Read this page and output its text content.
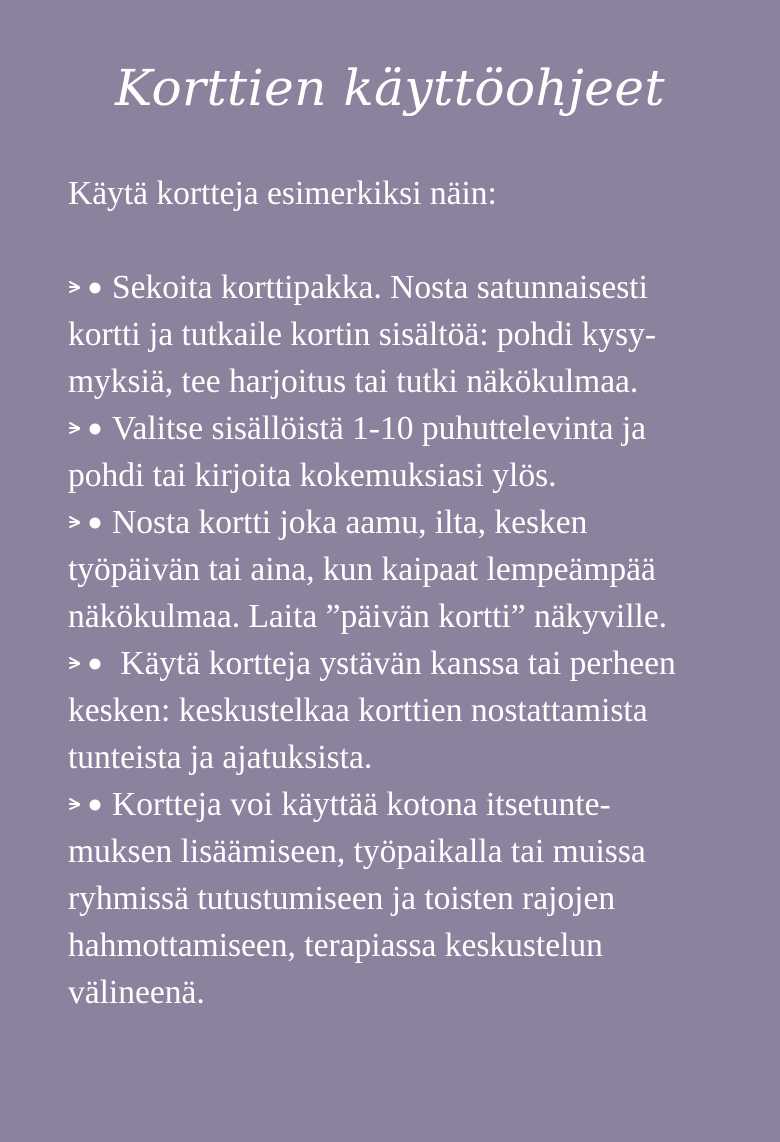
Korttien käyttöohjeet
Käytä kortteja esimerkiksi näin:
Sekoita korttipakka. Nosta satunnaisesti
kortti ja tutkaile kortin sisältöä: pohdi kysy-
myksiä, tee harjoitus tai tutki näkökulmaa.
Valitse sisällöistä 1-10 puhuttelevinta ja
pohdi tai kirjoita kokemuksiasi ylös.
Nosta kortti joka aamu, ilta, kesken
työpäivän tai aina, kun kaipaat lempeämpää
näkökulmaa. Laita ”päivän kortti” näkyville.
Käytä kortteja ystävän kanssa tai perheen
kesken: keskustelkaa korttien nostattamista
tunteista ja ajatuksista.
Kortteja voi käyttää kotona itsetunte-
muksen lisäämiseen, työpaikalla tai muissa
ryhmissä tutustumiseen ja toisten rajojen
hahmottamiseen, terapiassa keskustelun
välineenä.
